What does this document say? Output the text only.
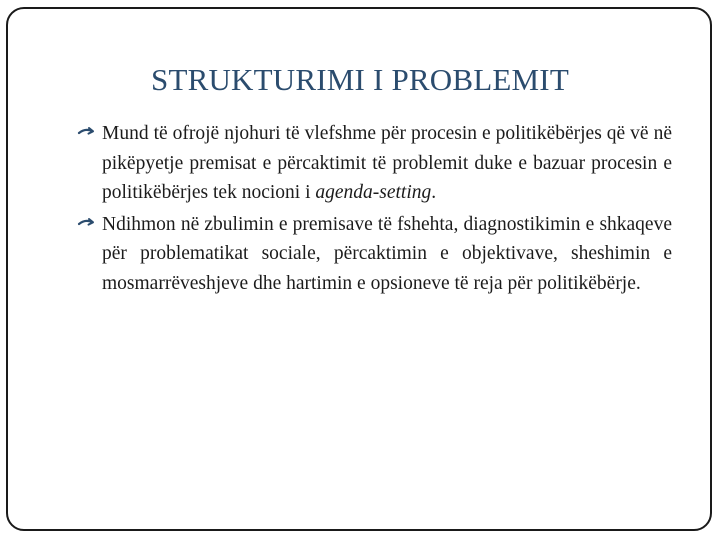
STRUKTURIMI I PROBLEMIT
Mund të ofrojë njohuri të vlefshme për procesin e politikëbërjes që vë në pikëpyetje premisat e përcaktimit të problemit duke e bazuar procesin e politikëbërjes tek nocioni i agenda-setting.
Ndihmon në zbulimin e premisave të fshehta, diagnostikimin e shkaqeve për problematikat sociale, përcaktimin e objektivave, sheshimin e mosmarrëveshjeve dhe hartimin e opsioneve të reja për politikëbërje.
